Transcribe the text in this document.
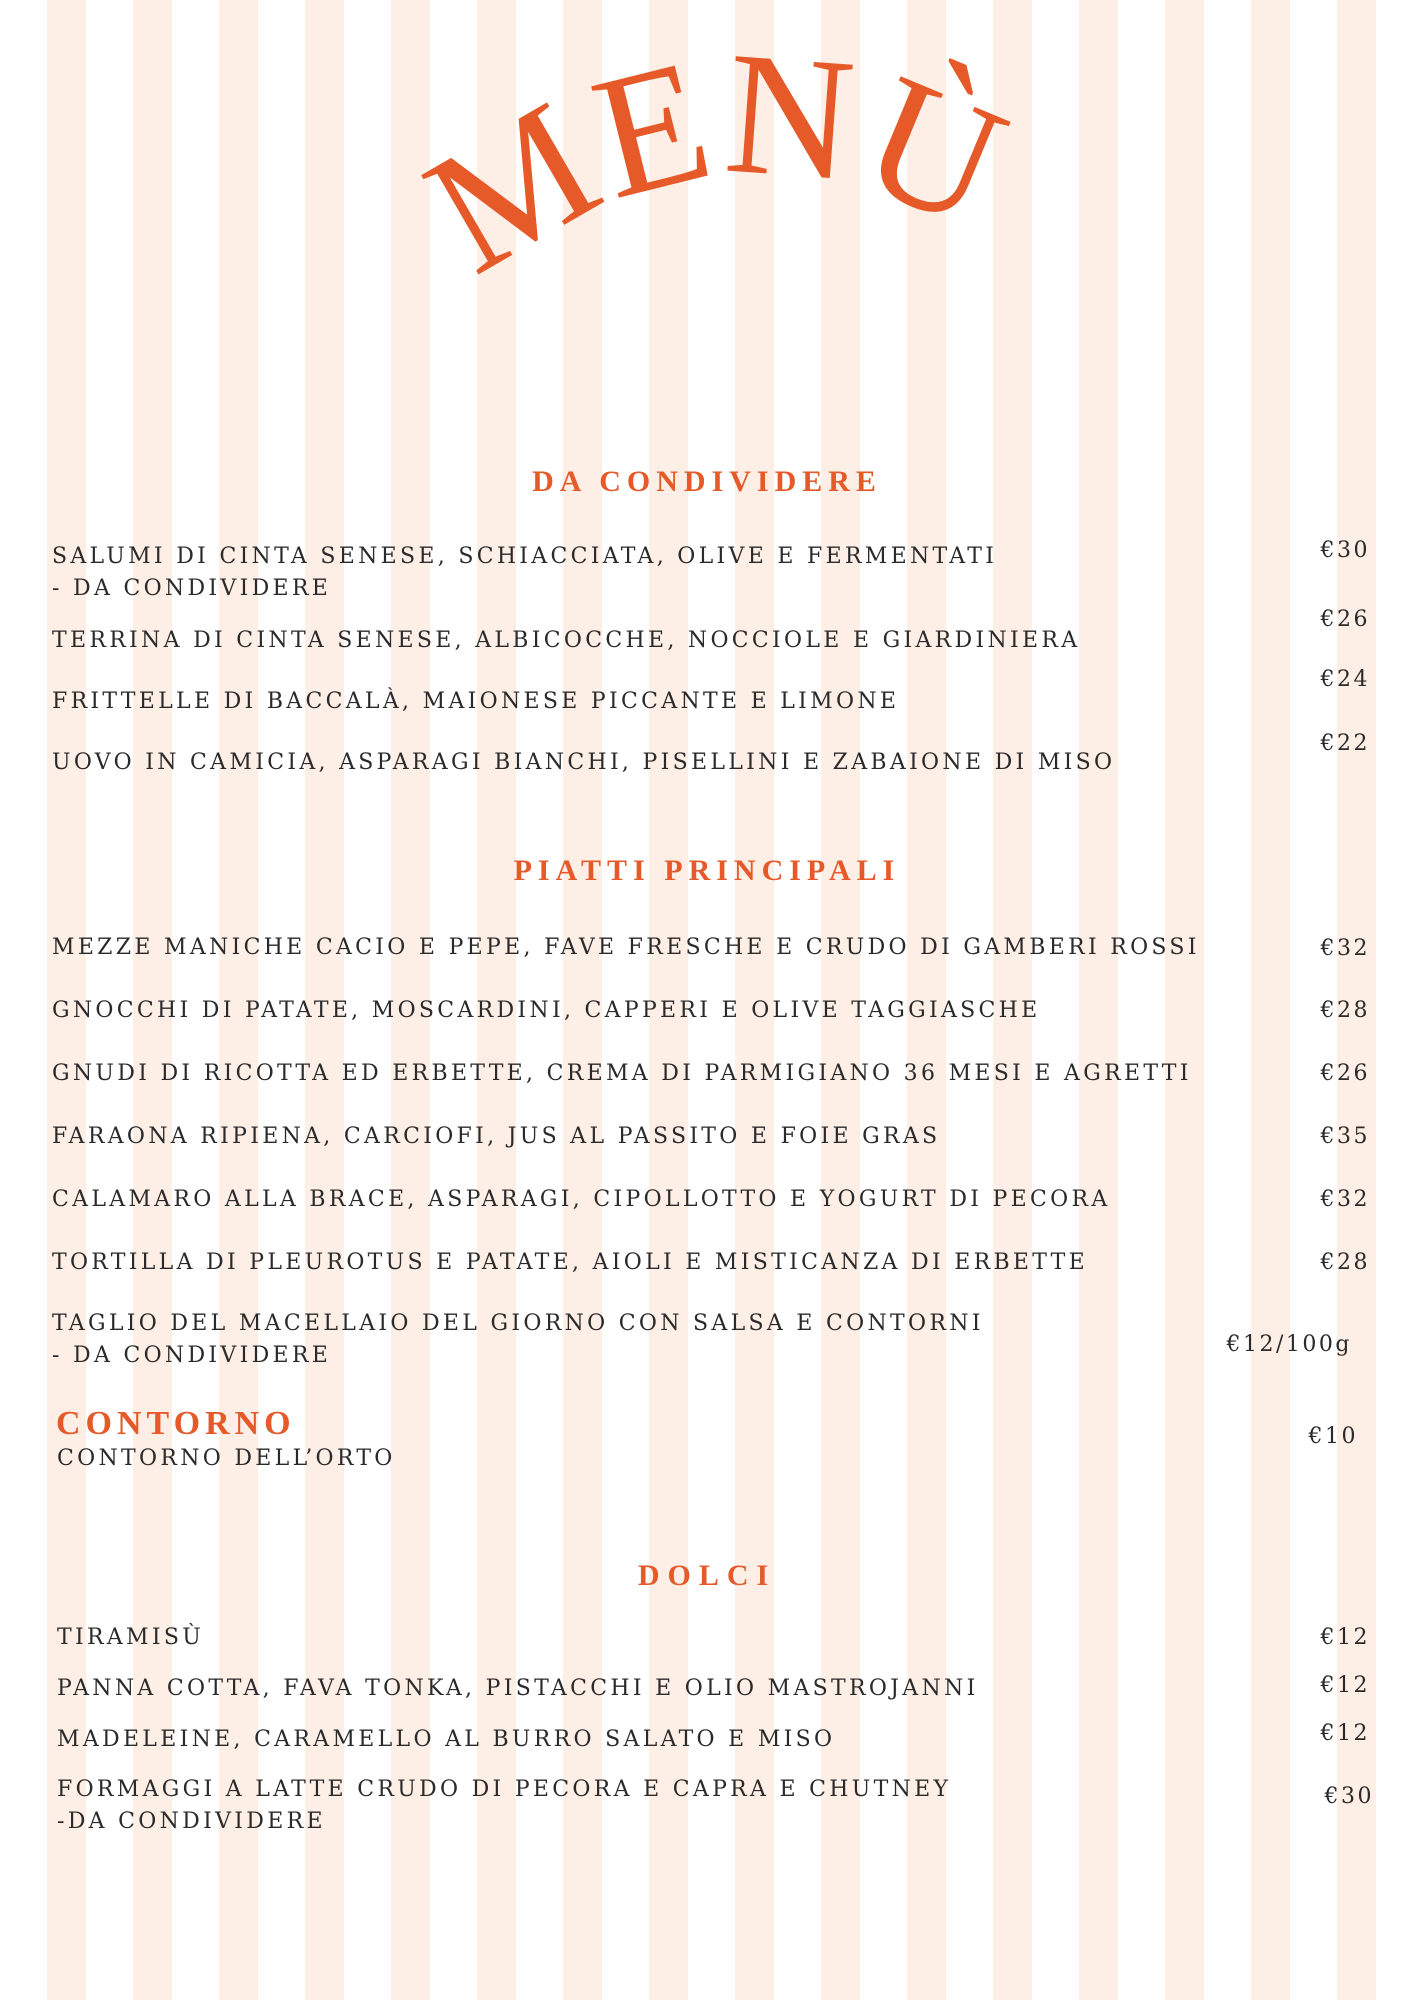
MENÙ
DA CONDIVIDERE
SALUMI DI CINTA SENESE, SCHIACCIATA, OLIVE E FERMENTATI
- DA CONDIVIDERE
€30
TERRINA DI CINTA SENESE, ALBICOCCHE, NOCCIOLE E GIARDINIERA
€26
FRITTELLE DI BACCALÀ, MAIONESE PICCANTE E LIMONE
€24
UOVO IN CAMICIA, ASPARAGI BIANCHI, PISELLINI E ZABAIONE DI MISO
€22
PIATTI PRINCIPALI
MEZZE MANICHE CACIO E PEPE, FAVE FRESCHE E CRUDO DI GAMBERI ROSSI	€32
GNOCCHI DI PATATE, MOSCARDINI, CAPPERI E OLIVE TAGGIASCHE	€28
GNUDI DI RICOTTA ED ERBETTE, CREMA DI PARMIGIANO 36 MESI E AGRETTI	€26
FARAONA RIPIENA, CARCIOFI, JUS AL PASSITO E FOIE GRAS	€35
CALAMARO ALLA BRACE, ASPARAGI, CIPOLLOTTO E YOGURT DI PECORA	€32
TORTILLA DI PLEUROTUS E PATATE, AIOLI E MISTICANZA DI ERBETTE	€28
TAGLIO DEL MACELLAIO DEL GIORNO CON SALSA E CONTORNI
- DA CONDIVIDERE	€12/100g
CONTORNO
CONTORNO DELL’ORTO
€10
DOLCI
TIRAMISÙ	€12
PANNA COTTA, FAVA TONKA, PISTACCHI E OLIO MASTROJANNI	€12
MADELEINE, CARAMELLO AL BURRO SALATO E MISO	€12
FORMAGGI A LATTE CRUDO DI PECORA E CAPRA E CHUTNEY
-DA CONDIVIDERE
€30
